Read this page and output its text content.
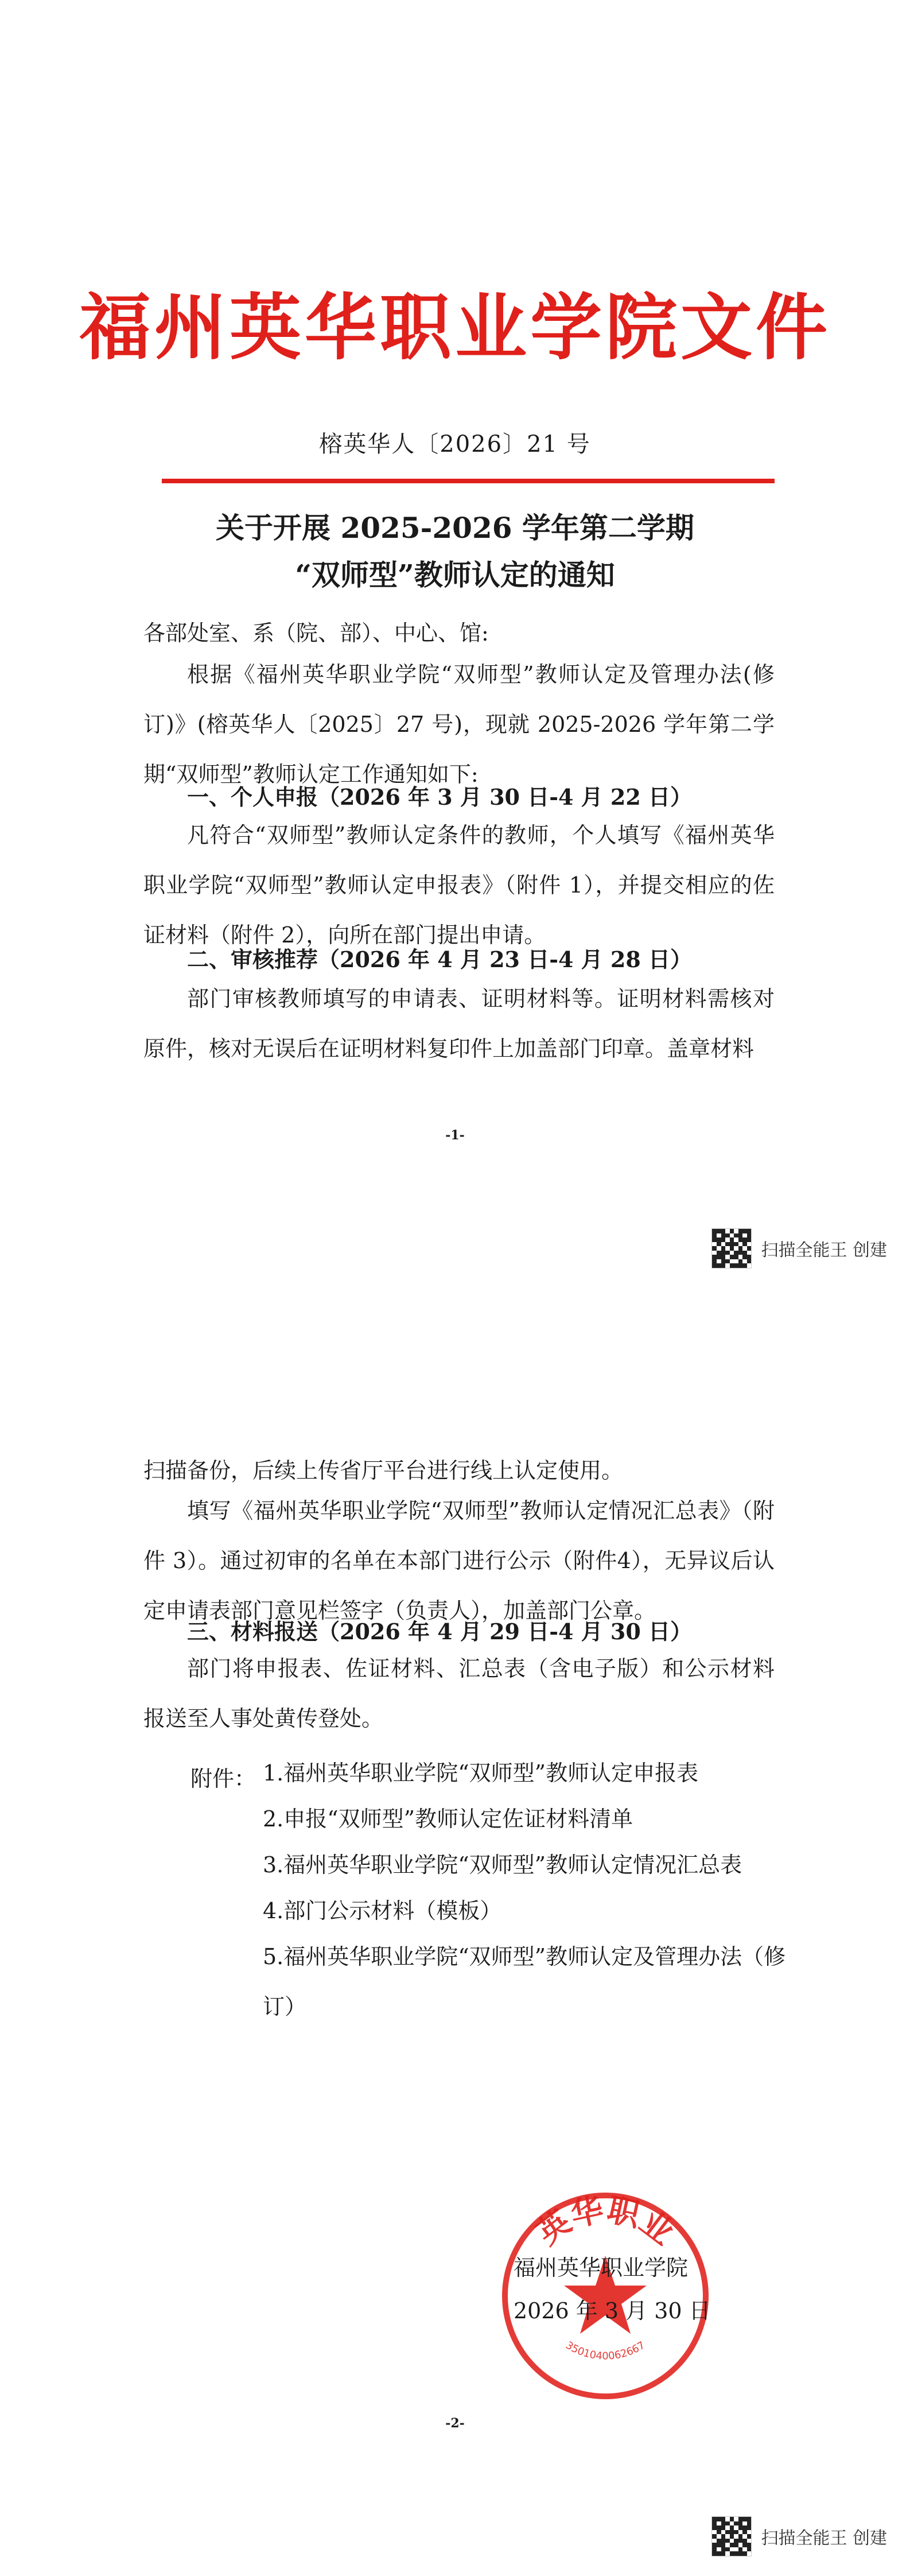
福州英华职业学院文件
榕英华人〔2026〕21 号
关于开展 2025-2026 学年第二学期
“双师型”教师认定的通知
各部处室、系（院、部）、中心、馆:
根据《福州英华职业学院“双师型”教师认定及管理办法(修订)》(榕英华人〔2025〕27 号)，现就 2025-2026 学年第二学期“双师型”教师认定工作通知如下:
一、个人申报（2026 年 3 月 30 日-4 月 22 日）
凡符合“双师型”教师认定条件的教师，个人填写《福州英华职业学院“双师型”教师认定申报表》（附件 1），并提交相应的佐证材料（附件 2），向所在部门提出申请。
二、审核推荐（2026 年 4 月 23 日-4 月 28 日）
部门审核教师填写的申请表、证明材料等。证明材料需核对原件，核对无误后在证明材料复印件上加盖部门印章。盖章材料
-1-
扫描全能王 创建
扫描备份，后续上传省厅平台进行线上认定使用。
填写《福州英华职业学院“双师型”教师认定情况汇总表》（附件 3）。通过初审的名单在本部门进行公示（附件4），无异议后认定申请表部门意见栏签字（负责人），加盖部门公章。
三、材料报送（2026 年 4 月 29 日-4 月 30 日）
部门将申报表、佐证材料、汇总表（含电子版）和公示材料报送至人事处黄传登处。
附件： 1.福州英华职业学院“双师型”教师认定申报表
2.申报“双师型”教师认定佐证材料清单
3.福州英华职业学院“双师型”教师认定情况汇总表
4.部门公示材料（模板）
5.福州英华职业学院“双师型”教师认定及管理办法（修订）
-2-
扫描全能王 创建
英华职业
3501040062667
福州英华职业学院
2026 年 3 月 30 日
